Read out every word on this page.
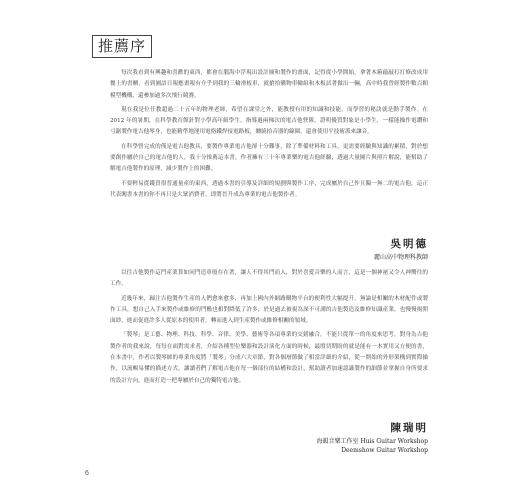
推薦序

每次我看到有興趣和喜歡的東西，都會在腦海中浮現出設計圖和製作的畫面，記得從小學開始，拿著木箱敲敲打打修改成用餐上的書櫃，看到圖語日報應畫報有介乎到我的三輪滑板車，就搶拾購物車輪組和木板試著做出一輛，高中時我曾經製作數百顆模型機構，還參加過多次飛行競賽。

現在我是位任教超過二十五年的物理老師，希望在課堂之外，能教授有用的知識和技能，而學習的秘訣就是動手製作。在 2012 年的暑期，在科學教育館針對小學高年級學生，指導過兩梯次的電吉他營隊，證明優質對象是小學生，一樣能操作電鑽和弓鋸製作電吉他琴身，也能精準地運用電烙鐵焊接電路板，纏繞拾音器的線圈，還會使用平技術派來讓音。

在科學營完成的僅是電吉他教具，要製作專業電吉他卻十分難事，除了準備材料和工具，更需要經驗與知識的累積，對於想要創作屬於自己的電吉他的人，我十分推薦這本書，作者擁有三十年專業樂的電吉他經驗，透過大量圖片與照片解說，能幫助了解電吉他製作的原理，減少製作上的困難。

不要輕易從錢買很普通量產的東西，透過本書的引導及詳細的規劃與製作工序，完成屬於自己作且獨一無二的電吉他，這正代表闖書本書的你不再只是大眾消費者，即將晉升成為專業的電吉他製作者。

吳明德
麗山高中物理科教師

以往吉他製作這門產業算如同門造車般存在著，讓人不得其門而入，對於喜愛音樂的人而言，這是一個神祕又令人神嚮往的工作。

近幾年來，歸注吉他製作生產的人們愈來愈多，再加上國內外網路購物平台的便利性大幅提升，無論是相關的木材配件或製作工具，想自己入手來製作或維修的門檻也相對降低了許多，於是過去被視為深不可測的吉他製造及維修知識產業，也慢慢揭開面紗，進而促進許多人從原本的使用者，轉而進入到生產製作或維修相關的領域。

「製琴」是工藝、物理、科技、科學、音律、美學、藝術等各項專業的交錯融合，不能只從單一的角度來思考，對身為吉他製作者的我來說，每每在面對需求者，介紹各種型位樂器和設計演化方面的時候，最殷切期盼的就是能有一本實用又方便的書，在本書中，作者以製琴師的專業角度將「製琴」分成六大章節，對各個層節做了相當詳細的介紹，從一開始的外形架構到實際操作，以流暢易懂的描述方式，讓讀者們了解電吉他在每一個部位的結構和設計，幫助讀者加速認識製作的細節並掌握自身所要求的設計方向，進而打造一把專屬於自己的獨特電吉他。

陳瑞明
海韻音樂工作室 Huis Guitar Workshop
Deemshow Guitar Workshop
6
